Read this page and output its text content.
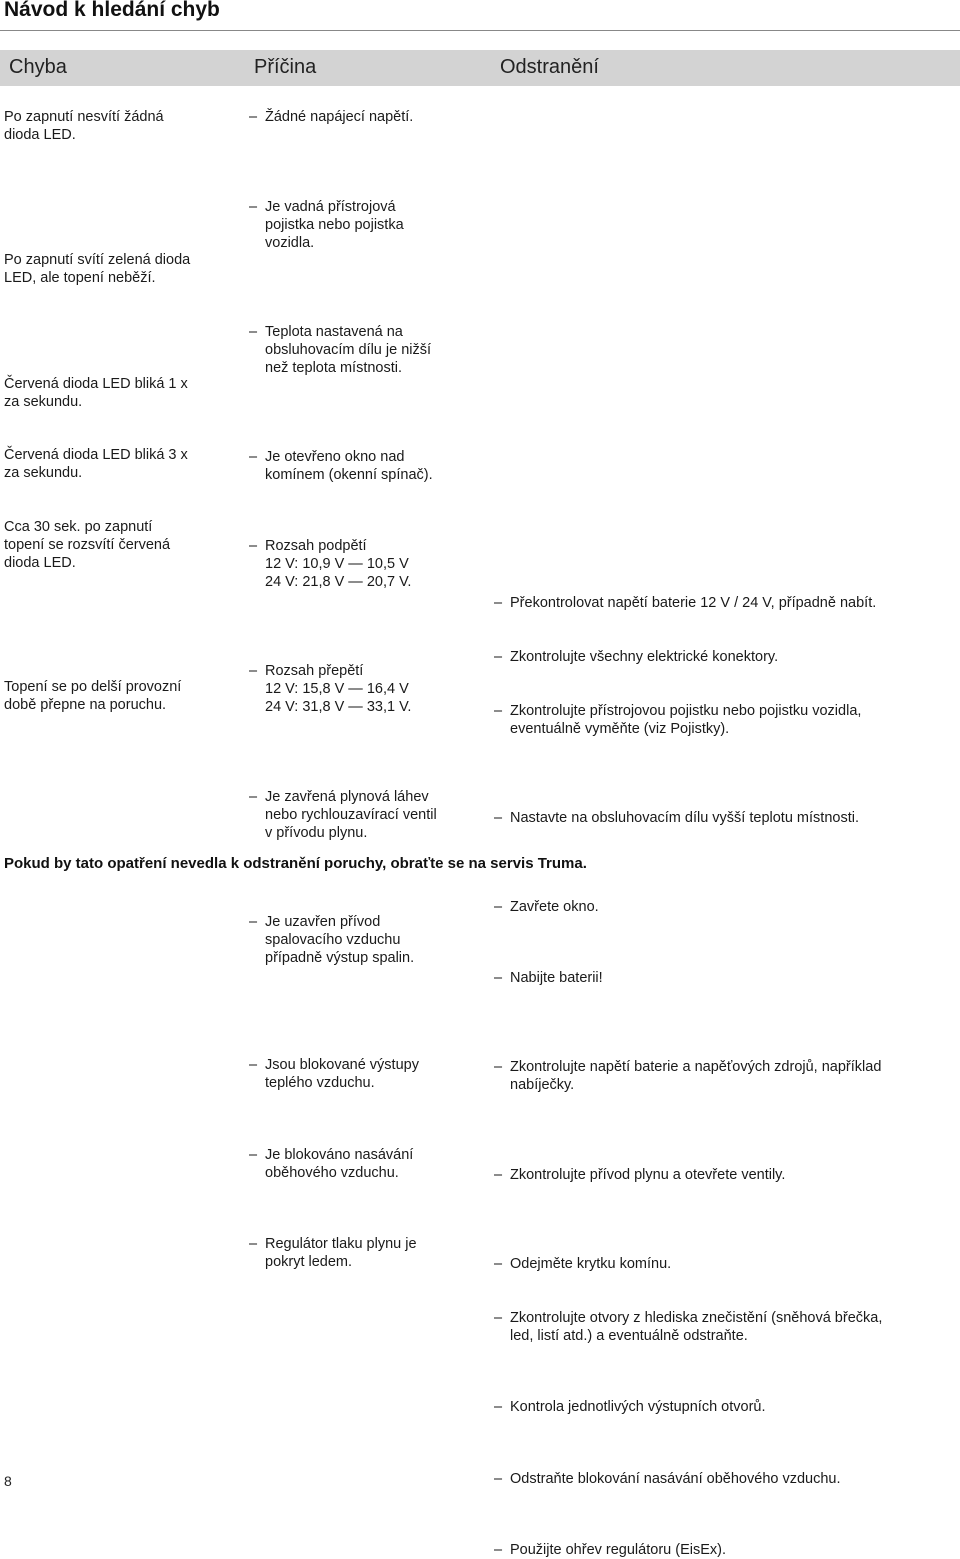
Návod k hledání chyb
Chyba	Příčina	Odstranění
Po zapnutí nesvítí žádná
dioda LED.
Po zapnutí svítí zelená dioda
LED, ale topení neběží.
Červená dioda LED bliká 1 x
za sekundu.
Červená dioda LED bliká 3 x
za sekundu.
Cca 30 sek. po zapnutí
topení se rozsvítí červená
dioda LED.
Topení se po delší provozní
době přepne na poruchu.
– Žádné napájecí napětí.
– Je vadná přístrojová
pojistka nebo pojistka
vozidla.
– Teplota nastavená na
obsluhovacím dílu je nižší
než teplota místnosti.
– Je otevřeno okno nad
komínem (okenní spínač).
– Rozsah podpětí
12 V: 10,9 V — 10,5 V
24 V: 21,8 V — 20,7 V.
– Rozsah přepětí
12 V: 15,8 V — 16,4 V
24 V: 31,8 V — 33,1 V.
– Je zavřená plynová láhev
nebo rychlouzavírací ventil
v přívodu plynu.
– Je uzavřen přívod
spalovacího vzduchu
případně výstup spalin.
– Jsou blokované výstupy
teplého vzduchu.
– Je blokováno nasávání
oběhového vzduchu.
– Regulátor tlaku plynu je
pokryt ledem.
– Překontrolovat napětí baterie 12 V / 24 V, případně nabít.
– Zkontrolujte všechny elektrické konektory.
– Zkontrolujte přístrojovou pojistku nebo pojistku vozidla,
eventuálně vyměňte (viz Pojistky).
– Nastavte na obsluhovacím dílu vyšší teplotu místnosti.
– Zavřete okno.
– Nabijte baterii!
– Zkontrolujte napětí baterie a napěťových zdrojů, například
nabíječky.
– Zkontrolujte přívod plynu a otevřete ventily.
– Odejměte krytku komínu.
– Zkontrolujte otvory z hlediska znečistění (sněhová břečka,
led, listí atd.) a eventuálně odstraňte.
– Kontrola jednotlivých výstupních otvorů.
– Odstraňte blokování nasávání oběhového vzduchu.
– Použijte ohřev regulátoru (EisEx).
Pokud by tato opatření nevedla k odstranění poruchy, obraťte se na servis Truma.
8
